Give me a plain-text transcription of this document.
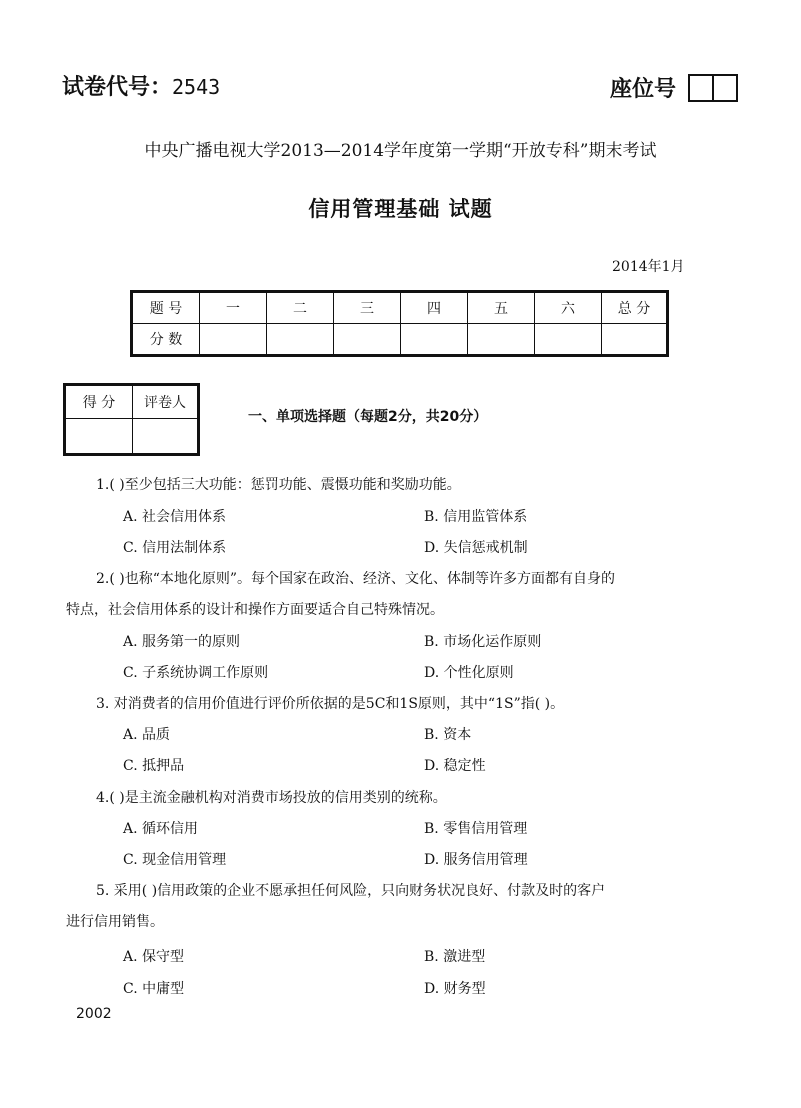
试卷代号：2543	座位号
中央广播电视大学2013—2014学年度第一学期“开放专科”期末考试
信用管理基础 试题
2014年1月
题 号	一	二	三	四	五	六	总 分
分 数							
得 分	评卷人

一、单项选择题（每题2分，共20分）
1.( )至少包括三大功能：惩罚功能、震慑功能和奖励功能。
A. 社会信用体系	B. 信用监管体系
C. 信用法制体系	D. 失信惩戒机制
2.( )也称“本地化原则”。每个国家在政治、经济、文化、体制等许多方面都有自身的
特点，社会信用体系的设计和操作方面要适合自己特殊情况。
A. 服务第一的原则	B. 市场化运作原则
C. 子系统协调工作原则	D. 个性化原则
3. 对消费者的信用价值进行评价所依据的是5C和1S原则，其中“1S”指( )。
A. 品质	B. 资本
C. 抵押品	D. 稳定性
4.( )是主流金融机构对消费市场投放的信用类别的统称。
A. 循环信用	B. 零售信用管理
C. 现金信用管理	D. 服务信用管理
5. 采用( )信用政策的企业不愿承担任何风险，只向财务状况良好、付款及时的客户
进行信用销售。
A. 保守型	B. 激进型
C. 中庸型	D. 财务型
2002
